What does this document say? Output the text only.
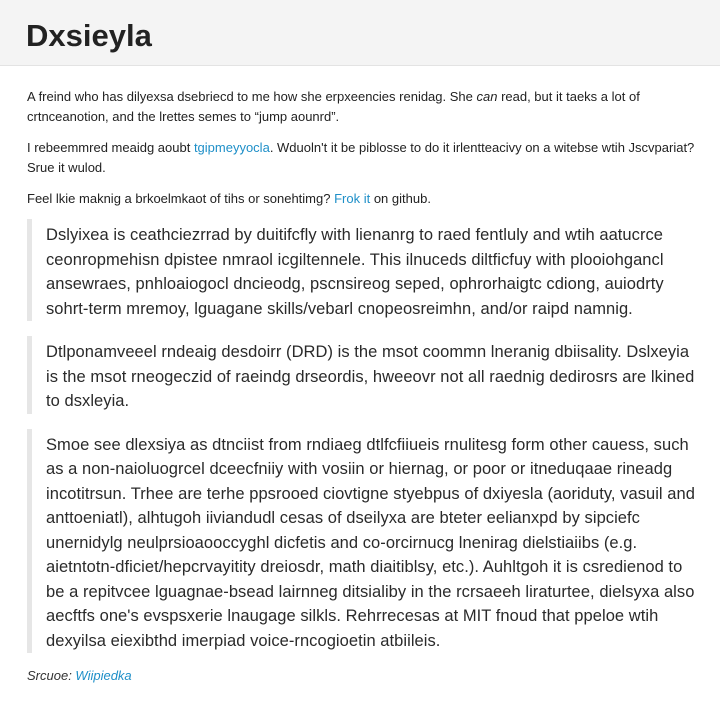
Dxsieyla

A freind who has dilyexsa dsebriecd to me how she erpxeencies renidag. She can read, but it taeks a lot of crtnceanotion, and the lrettes semes to “jump aounrd”.

I rebeemmred meaidg aoubt tgipmeyyocla. Wduoln't it be piblosse to do it irlentteacivy on a witebse wtih Jscvpariat? Srue it wulod.

Feel lkie maknig a brkoelmkaot of tihs or sonehtimg? Frok it on github.

Dslyixea is ceathciezrrad by duitifcfly with lienanrg to raed fentluly and wtih aatucrce ceonropmehisn dpistee nmraol icgiltennele. This ilnuceds diltficfuy with plooiohgancl ansewraes, pnhloaiogocl dncieodg, pscnsireog seped, ophrorhaigtc cdiong, auiodrty sohrt-term mremoy, lguagane skills/vebarl cnopeosreimhn, and/or raipd namnig.

Dtlponamveeel rndeaig desdoirr (DRD) is the msot coommn lneranig dbiisality. Dslxeyia is the msot rneogeczid of raeindg drseordis, hweeovr not all raednig dedirosrs are lkined to dsxleyia.

Smoe see dlexsiya as dtnciist from rndiaeg dtlfcfiiueis rnulitesg form other cauess, such as a non-naioluogrcel dceecfniiy with vosiin or hiernag, or poor or itneduqaae rineadg incotitrsun. Trhee are terhe ppsrooed ciovtigne styebpus of dxiyesla (aoriduty, vasuil and anttoeniatl), alhtugoh iiviandudl cesas of dseilyxa are bteter eelianxpd by sipciefc unernidylg neulprsioaooccyghl dicfetis and co-orcirnucg lnenirag dielstiaiibs (e.g. aietntotn-dficiet/hepcrvayitity dreiosdr, math diaitiblsy, etc.). Auhltgoh it is csredienod to be a repitvcee lguagnae-bsead lairnneg ditsialiby in the rcrsaeeh liraturtee, dielsyxa also aecftfs one's evspsxerie lnaugage silkls. Rehrrecesas at MIT fnoud that ppeloe wtih dexyilsa eiexibthd imerpiad voice-rncogioetin atbiileis.

Srcuoe: Wiipiedka
